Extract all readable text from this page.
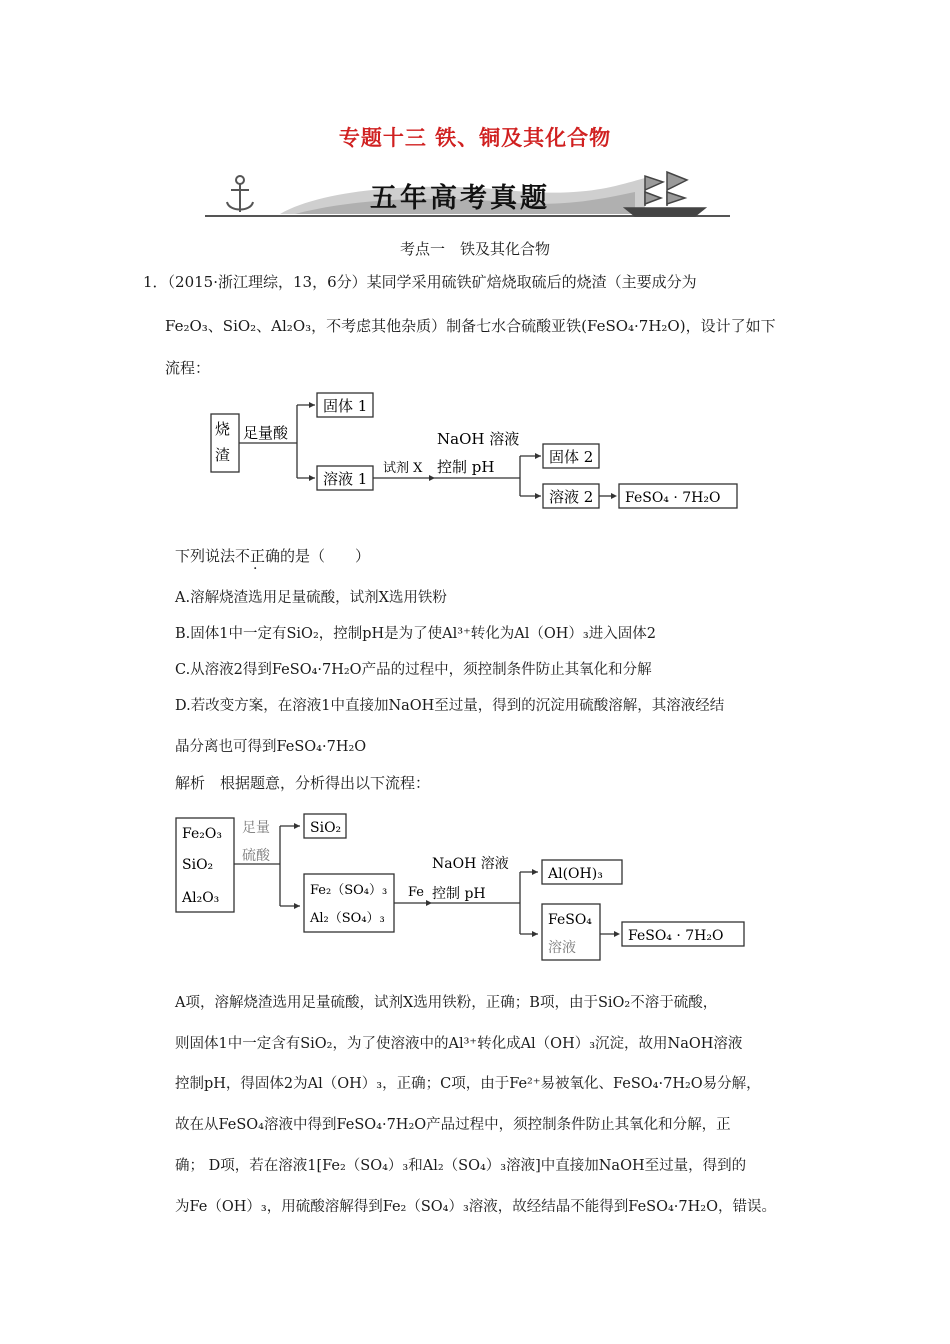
专题十三 铁、铜及其化合物
五年高考真题
考点一　铁及其化合物
1．（2015·浙江理综，13，6分）某同学采用硫铁矿焙烧取硫后的烧渣（主要成分为
Fe₂O₃、SiO₂、Al₂O₃，不考虑其他杂质）制备七水合硫酸亚铁(FeSO₄·7H₂O)，设计了如下
流程：
烧
渣
足量酸
固体 1
溶液 1
试剂 X
NaOH 溶液
控制 pH
固体 2
溶液 2 FeSO₄ · 7H₂O
下列说法不正确的是（　　）
A.溶解烧渣选用足量硫酸，试剂X选用铁粉
B.固体1中一定有SiO₂，控制pH是为了使Al³⁺转化为Al（OH）₃进入固体2
C.从溶液2得到FeSO₄·7H₂O产品的过程中，须控制条件防止其氧化和分解
D.若改变方案，在溶液1中直接加NaOH至过量，得到的沉淀用硫酸溶解，其溶液经结
晶分离也可得到FeSO₄·7H₂O
解析　根据题意，分析得出以下流程：
Fe₂O₃
SiO₂
Al₂O₃
足量
硫酸
SiO₂
Fe₂（SO₄）₃
Al₂（SO₄）₃
Fe
NaOH 溶液
控制 pH
Al(OH)₃
FeSO₄
溶液
FeSO₄ · 7H₂O
A项，溶解烧渣选用足量硫酸，试剂X选用铁粉，正确；B项，由于SiO₂不溶于硫酸，
则固体1中一定含有SiO₂，为了使溶液中的Al³⁺转化成Al（OH）₃沉淀，故用NaOH溶液
控制pH，得固体2为Al（OH）₃，正确；C项，由于Fe²⁺易被氧化、FeSO₄·7H₂O易分解，
故在从FeSO₄溶液中得到FeSO₄·7H₂O产品过程中，须控制条件防止其氧化和分解，正
确； D项，若在溶液1[Fe₂（SO₄）₃和Al₂（SO₄）₃溶液]中直接加NaOH至过量，得到的
为Fe（OH）₃，用硫酸溶解得到Fe₂（SO₄）₃溶液，故经结晶不能得到FeSO₄·7H₂O，错误。
